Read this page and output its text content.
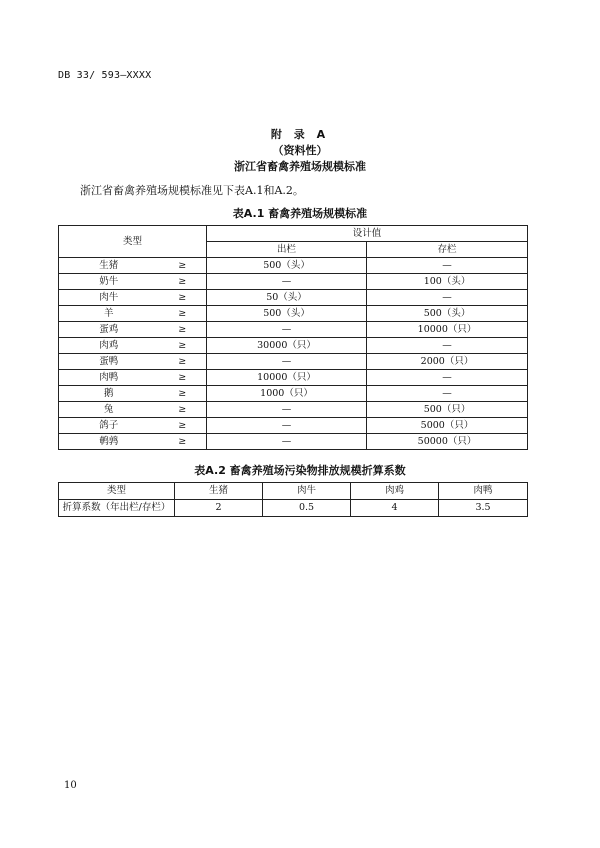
DB 33/ 593—XXXX
附 录 A
（资料性）
浙江省畜禽养殖场规模标准
浙江省畜禽养殖场规模标准见下表A.1和A.2。
表A.1 畜禽养殖场规模标准
类型		设计值	
		出栏	存栏
生猪	≥	500（头）	—
奶牛	≥	—	100（头）
肉牛	≥	50（头）	—
羊	≥	500（头）	500（头）
蛋鸡	≥	—	10000（只）
肉鸡	≥	30000（只）	—
蛋鸭	≥	—	2000（只）
肉鸭	≥	10000（只）	—
鹅	≥	1000（只）	—
兔	≥	—	500（只）
鸽子	≥	—	5000（只）
鹌鹑	≥	—	50000（只）
表A.2 畜禽养殖场污染物排放规模折算系数
类型	生猪	肉牛	肉鸡	肉鸭
折算系数（年出栏/存栏）	2	0.5	4	3.5
10
